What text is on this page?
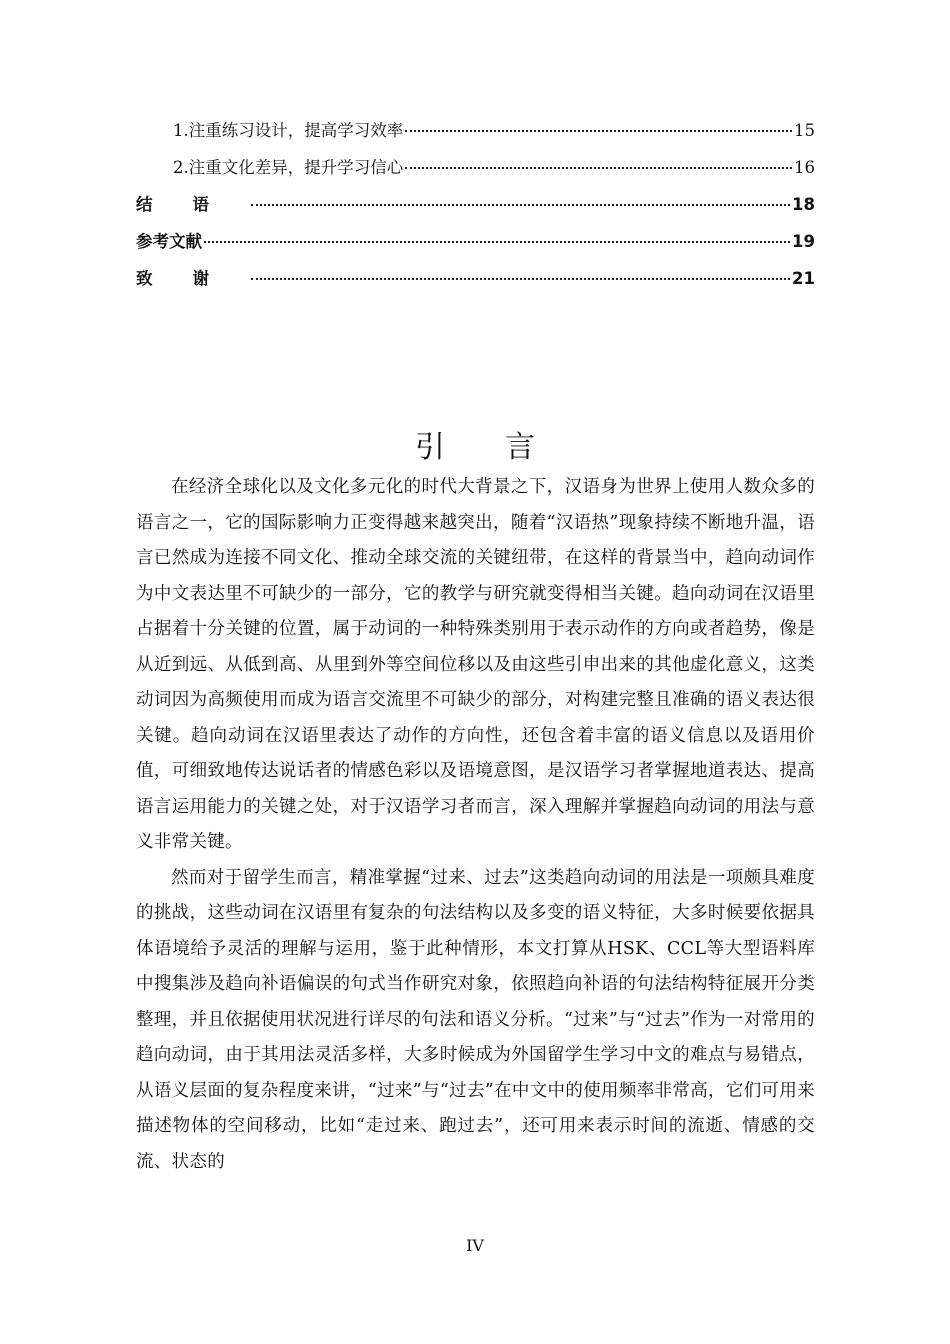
1.注重练习设计，提高学习效率	15
2.注重文化差异，提升学习信心	16
结语	18
参考文献	19
致谢	21
引言

在经济全球化以及文化多元化的时代大背景之下，汉语身为世界上使用人数众多的语言之一，它的国际影响力正变得越来越突出，随着“汉语热”现象持续不断地升温，语言已然成为连接不同文化、推动全球交流的关键纽带，在这样的背景当中，趋向动词作为中文表达里不可缺少的一部分，它的教学与研究就变得相当关键。趋向动词在汉语里占据着十分关键的位置，属于动词的一种特殊类别用于表示动作的方向或者趋势，像是从近到远、从低到高、从里到外等空间位移以及由这些引申出来的其他虚化意义，这类动词因为高频使用而成为语言交流里不可缺少的部分，对构建完整且准确的语义表达很关键。趋向动词在汉语里表达了动作的方向性，还包含着丰富的语义信息以及语用价值，可细致地传达说话者的情感色彩以及语境意图，是汉语学习者掌握地道表达、提高语言运用能力的关键之处，对于汉语学习者而言，深入理解并掌握趋向动词的用法与意义非常关键。

然而对于留学生而言，精准掌握“过来、过去”这类趋向动词的用法是一项颇具难度的挑战，这些动词在汉语里有复杂的句法结构以及多变的语义特征，大多时候要依据具体语境给予灵活的理解与运用，鉴于此种情形，本文打算从HSK、CCL等大型语料库中搜集涉及趋向补语偏误的句式当作研究对象，依照趋向补语的句法结构特征展开分类整理，并且依据使用状况进行详尽的句法和语义分析。“过来”与“过去”作为一对常用的趋向动词，由于其用法灵活多样，大多时候成为外国留学生学习中文的难点与易错点，从语义层面的复杂程度来讲，“过来”与“过去”在中文中的使用频率非常高，它们可用来描述物体的空间移动，比如“走过来、跑过去”，还可用来表示时间的流逝、情感的交流、状态的

IV
